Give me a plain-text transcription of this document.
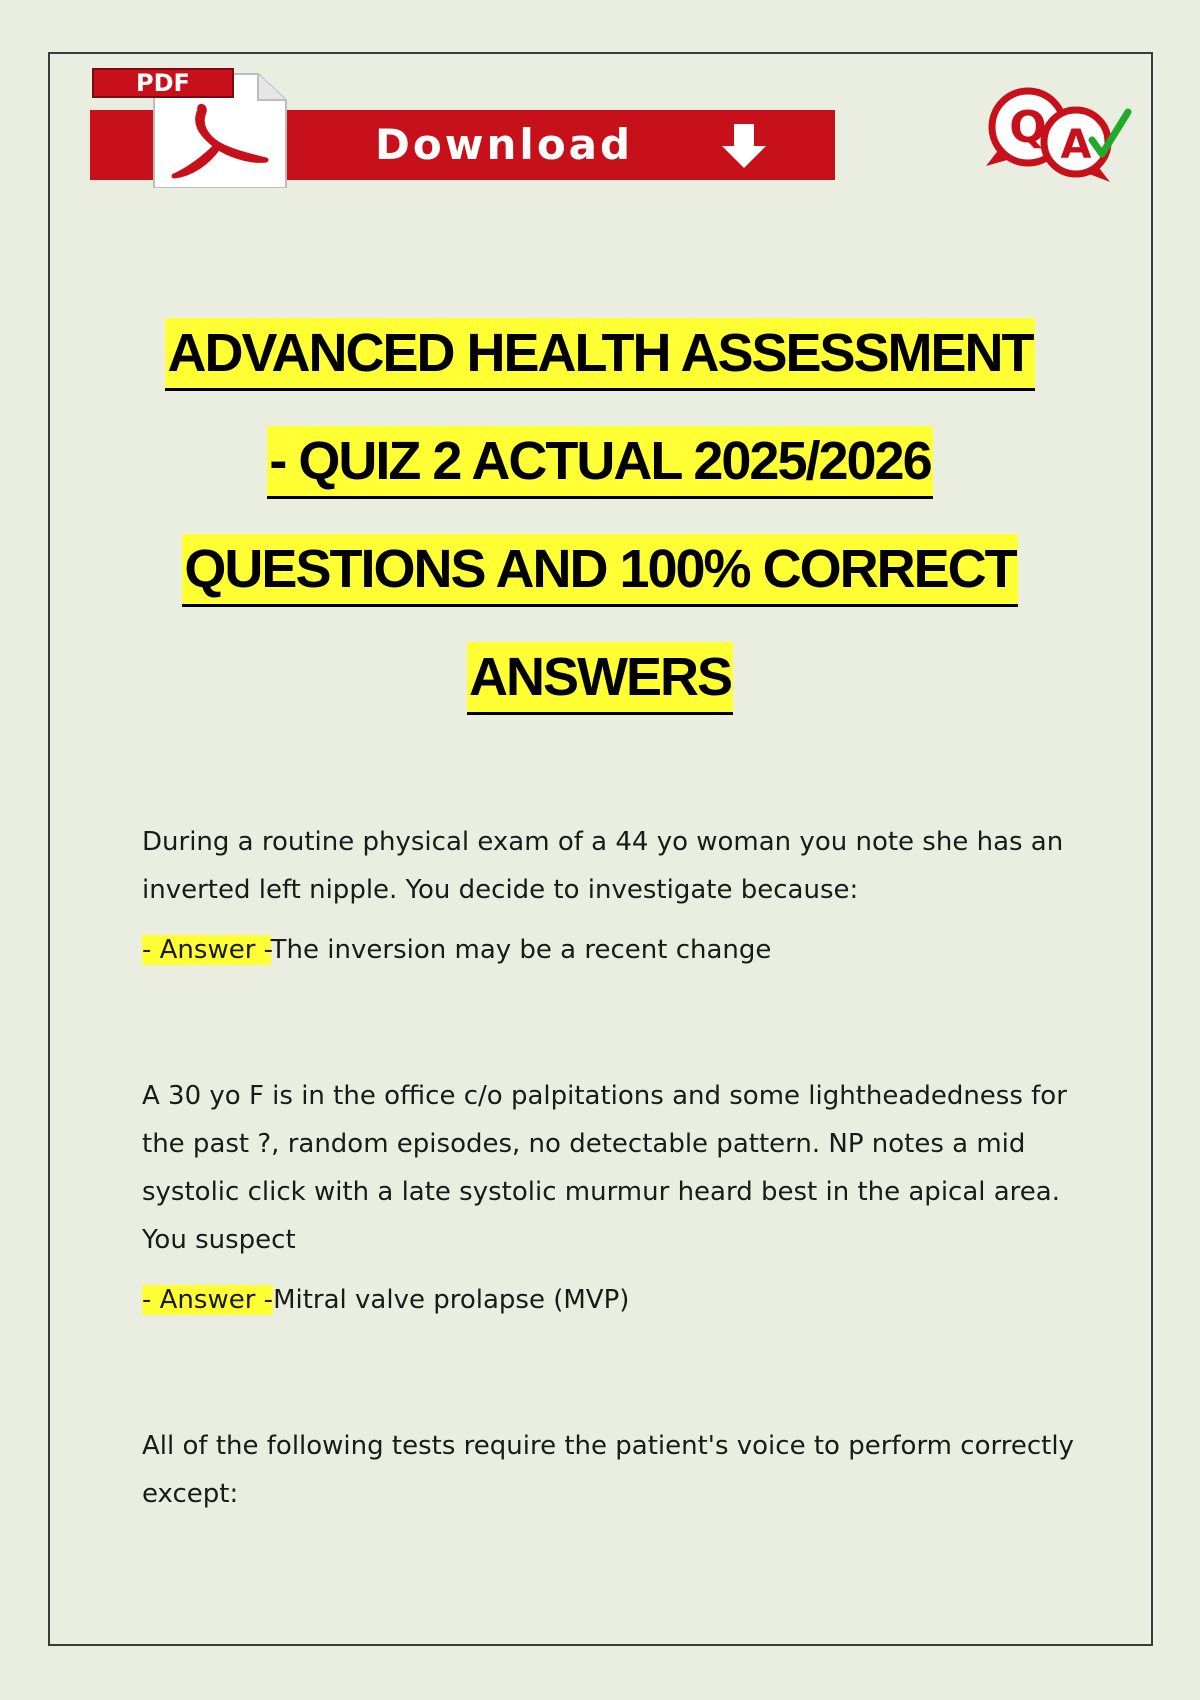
PDF
Download	Q A
ADVANCED HEALTH ASSESSMENT
- QUIZ 2 ACTUAL 2025/2026
QUESTIONS AND 100% CORRECT
ANSWERS

During a routine physical exam of a 44 yo woman you note she has an inverted left nipple. You decide to investigate because:

- Answer -The inversion may be a recent change

A 30 yo F is in the office c/o palpitations and some lightheadedness for the past ?, random episodes, no detectable pattern. NP notes a mid systolic click with a late systolic murmur heard best in the apical area. You suspect

- Answer -Mitral valve prolapse (MVP)

All of the following tests require the patient's voice to perform correctly except:
